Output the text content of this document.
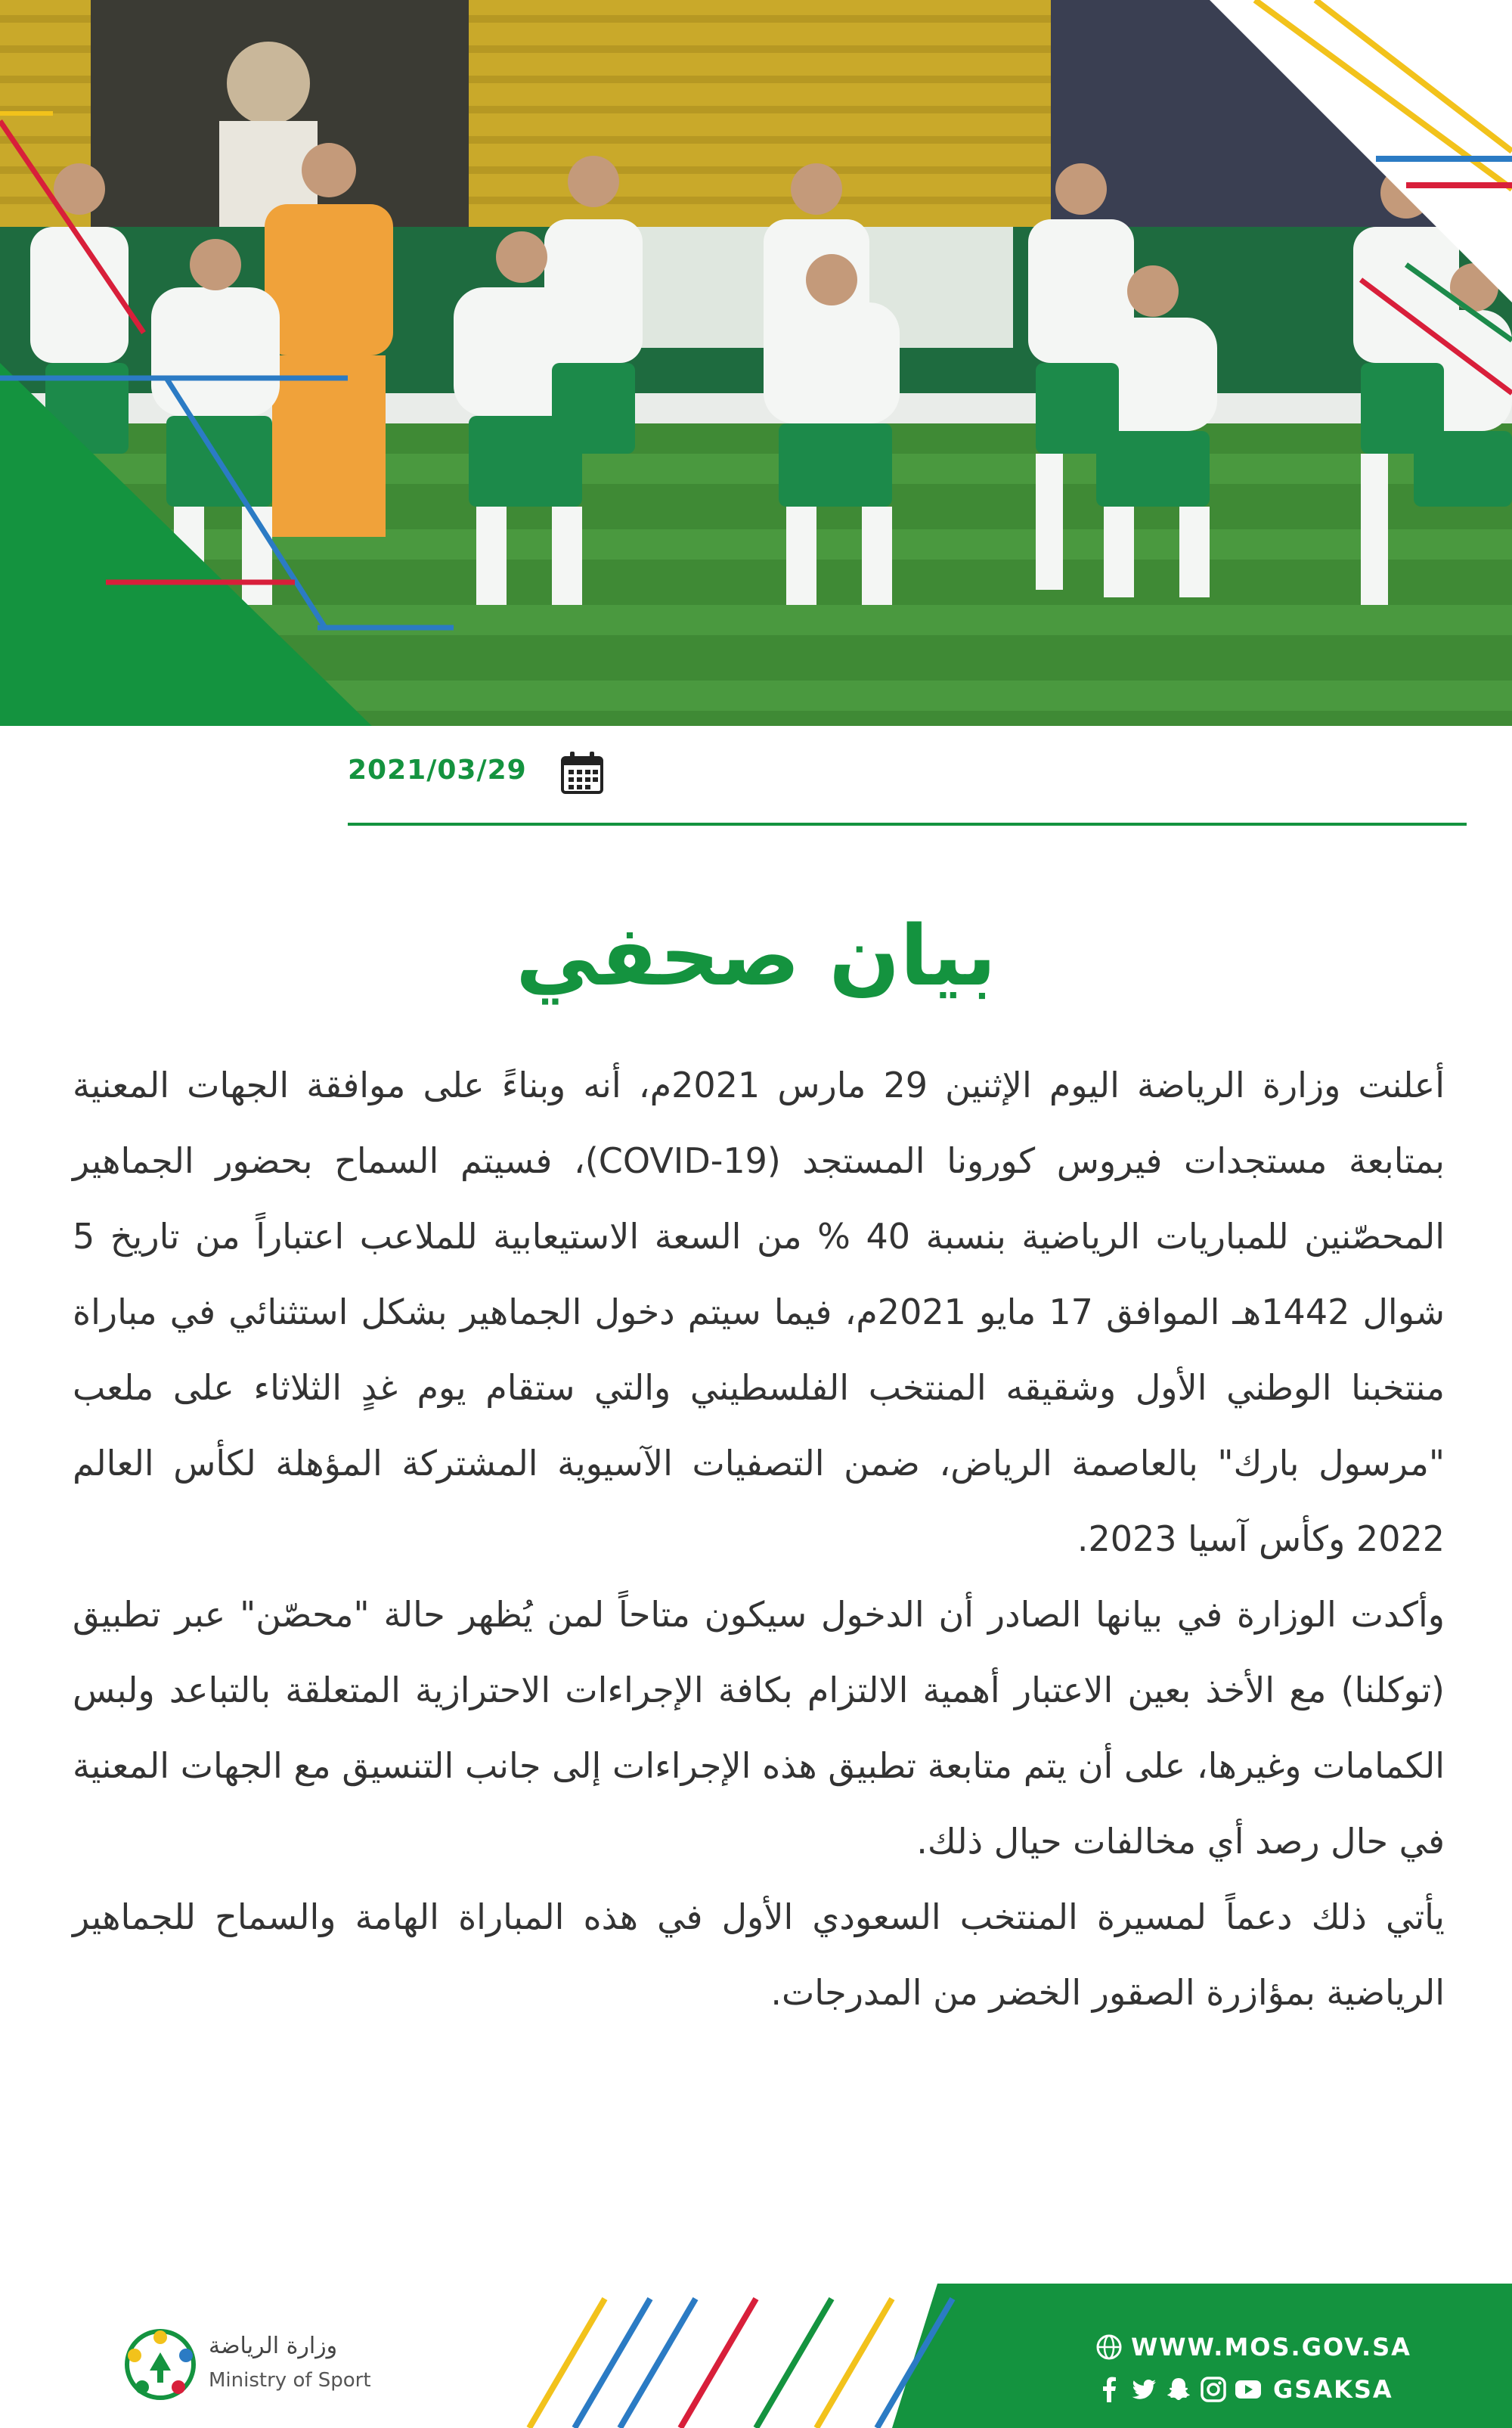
2021/03/29
بيان صحفي

أعلنت وزارة الرياضة اليوم الإثنين 29 مارس 2021م، أنه وبناءً على موافقة الجهات المعنية بمتابعة مستجدات فيروس كورونا المستجد (COVID-19)، فسيتم السماح بحضور الجماهير المحصّنين للمباريات الرياضية بنسبة 40 % من السعة الاستيعابية للملاعب اعتباراً من تاريخ 5 شوال 1442هـ الموافق 17 مايو 2021م، فيما سيتم دخول الجماهير بشكل استثنائي في مباراة منتخبنا الوطني الأول وشقيقه المنتخب الفلسطيني والتي ستقام يوم غدٍ الثلاثاء على ملعب "مرسول بارك" بالعاصمة الرياض، ضمن التصفيات الآسيوية المشتركة المؤهلة لكأس العالم 2022 وكأس آسيا 2023.

وأكدت الوزارة في بيانها الصادر أن الدخول سيكون متاحاً لمن يُظهر حالة "محصّن" عبر تطبيق (توكلنا) مع الأخذ بعين الاعتبار أهمية الالتزام بكافة الإجراءات الاحترازية المتعلقة بالتباعد ولبس الكمامات وغيرها، على أن يتم متابعة تطبيق هذه الإجراءات إلى جانب التنسيق مع الجهات المعنية في حال رصد أي مخالفات حيال ذلك.

يأتي ذلك دعماً لمسيرة المنتخب السعودي الأول في هذه المباراة الهامة والسماح للجماهير الرياضية بمؤازرة الصقور الخضر من المدرجات.

وزارة الرياضة
Ministry of Sport
WWW.MOS.GOV.SA
GSAKSA
